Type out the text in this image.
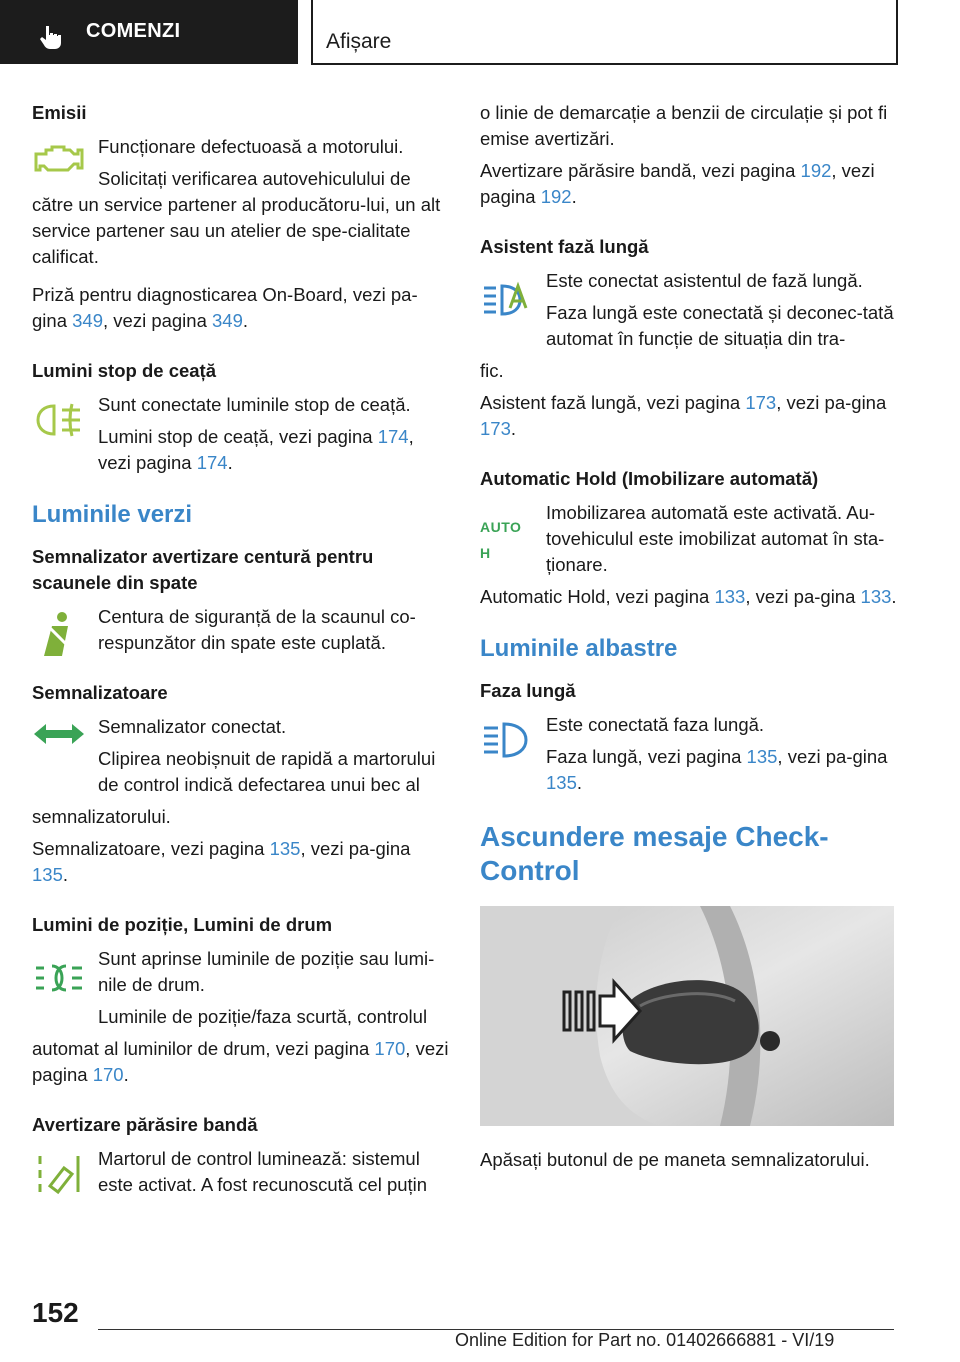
COMENZI	Afișare
Emisii

Funcționare defectuoasă a motorului.

Solicitați verificarea autovehiculului de către un service partener al producătoru-lui, un alt service partener sau un atelier de spe-cialitate calificat.

Priză pentru diagnosticarea On-Board, vezi pa-gina 349, vezi pagina 349.

Lumini stop de ceață

Sunt conectate luminile stop de ceață.

Lumini stop de ceață, vezi pagina 174, vezi pagina 174.

Luminile verzi
Semnalizator avertizare centură pentru scaunele din spate

Centura de siguranță de la scaunul co-respunzător din spate este cuplată.

Semnalizatoare

Semnalizator conectat.

Clipirea neobișnuit de rapidă a martorului de control indică defectarea unui bec al

semnalizatorului.

Semnalizatoare, vezi pagina 135, vezi pa-gina 135.

Lumini de poziție, Lumini de drum

Sunt aprinse luminile de poziție sau lumi-nile de drum.

Luminile de poziție/faza scurtă, controlul

automat al luminilor de drum, vezi pagina 170, vezi pagina 170.

Avertizare părăsire bandă

Martorul de control luminează: sistemul este activat. A fost recunoscută cel puțin

o linie de demarcație a benzii de circulație și pot fi emise avertizări.

Avertizare părăsire bandă, vezi pagina 192, vezi pagina 192.

Asistent fază lungă

Este conectat asistentul de fază lungă.

Faza lungă este conectată și deconec-tată automat în funcție de situația din tra-

fic.

Asistent fază lungă, vezi pagina 173, vezi pa-gina 173.

Automatic Hold (Imobilizare automată)
AUTO H

Imobilizarea automată este activată. Au-tovehiculul este imobilizat automat în sta-ționare.

Automatic Hold, vezi pagina 133, vezi pa-gina 133.

Luminile albastre
Faza lungă

Este conectată faza lungă.

Faza lungă, vezi pagina 135, vezi pa-gina 135.

Ascundere mesaje Check-Control

Apăsați butonul de pe maneta semnalizatorului.

152
Online Edition for Part no. 01402666881 - VI/19
